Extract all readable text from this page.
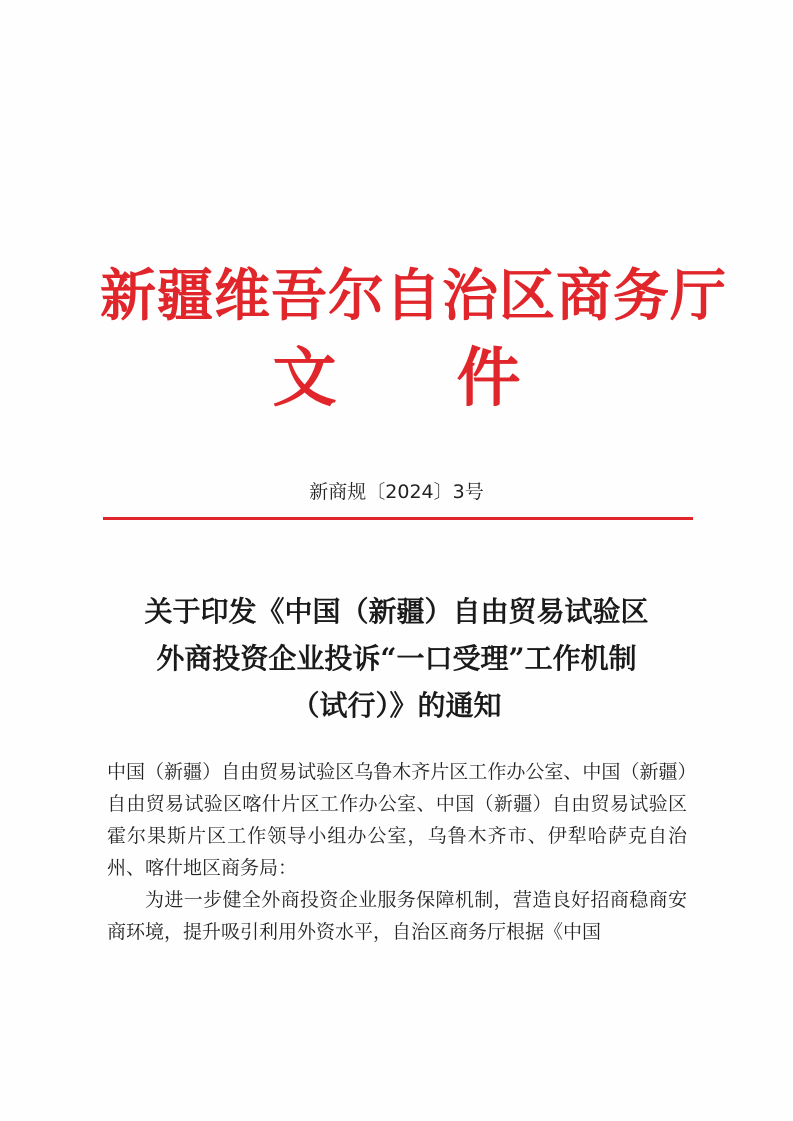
新疆维吾尔自治区商务厅
文件
新商规〔2024〕3号
关于印发《中国（新疆）自由贸易试验区
外商投资企业投诉“一口受理”工作机制
（试行）》的通知

中国（新疆）自由贸易试验区乌鲁木齐片区工作办公室、中国（新疆）自由贸易试验区喀什片区工作办公室、中国（新疆）自由贸易试验区霍尔果斯片区工作领导小组办公室，乌鲁木齐市、伊犁哈萨克自治州、喀什地区商务局：

为进一步健全外商投资企业服务保障机制，营造良好招商稳商安商环境，提升吸引利用外资水平，自治区商务厅根据《中国
